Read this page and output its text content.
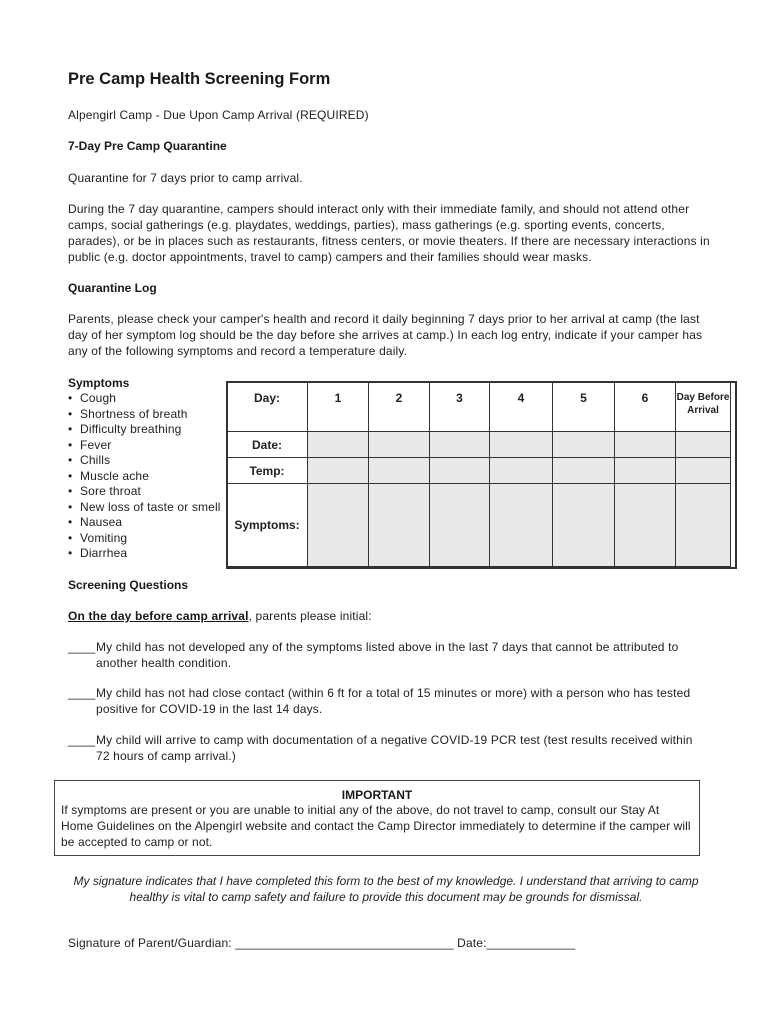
Pre Camp Health Screening Form
Alpengirl Camp - Due Upon Camp Arrival (REQUIRED)
7-Day Pre Camp Quarantine
Quarantine for 7 days prior to camp arrival.
During the 7 day quarantine, campers should interact only with their immediate family, and should not attend other camps, social gatherings (e.g. playdates, weddings, parties), mass gatherings (e.g. sporting events, concerts, parades), or be in places such as restaurants, fitness centers, or movie theaters. If there are necessary interactions in public (e.g. doctor appointments, travel to camp) campers and their families should wear masks.
Quarantine Log
Parents, please check your camper's health and record it daily beginning 7 days prior to her arrival at camp (the last day of her symptom log should be the day before she arrives at camp.) In each log entry, indicate if your camper has any of the following symptoms and record a temperature daily.
Symptoms
• Cough
• Shortness of breath
• Difficulty breathing
• Fever
• Chills
• Muscle ache
• Sore throat
• New loss of taste or smell
• Nausea
• Vomiting
• Diarrhea
Day:	1	2	3	4	5	6	Day Before Arrival
Date:							
Temp:							
Symptoms:							
Screening Questions
On the day before camp arrival, parents please initial:
____ My child has not developed any of the symptoms listed above in the last 7 days that cannot be attributed to another health condition.
____ My child has not had close contact (within 6 ft for a total of 15 minutes or more) with a person who has tested positive for COVID-19 in the last 14 days.
____ My child will arrive to camp with documentation of a negative COVID-19 PCR test (test results received within 72 hours of camp arrival.)
IMPORTANT
If symptoms are present or you are unable to initial any of the above, do not travel to camp, consult our Stay At Home Guidelines on the Alpengirl website and contact the Camp Director immediately to determine if the camper will be accepted to camp or not.
My signature indicates that I have completed this form to the best of my knowledge. I understand that arriving to camp healthy is vital to camp safety and failure to provide this document may be grounds for dismissal.
Signature of Parent/Guardian: ________________________________ Date:_____________
